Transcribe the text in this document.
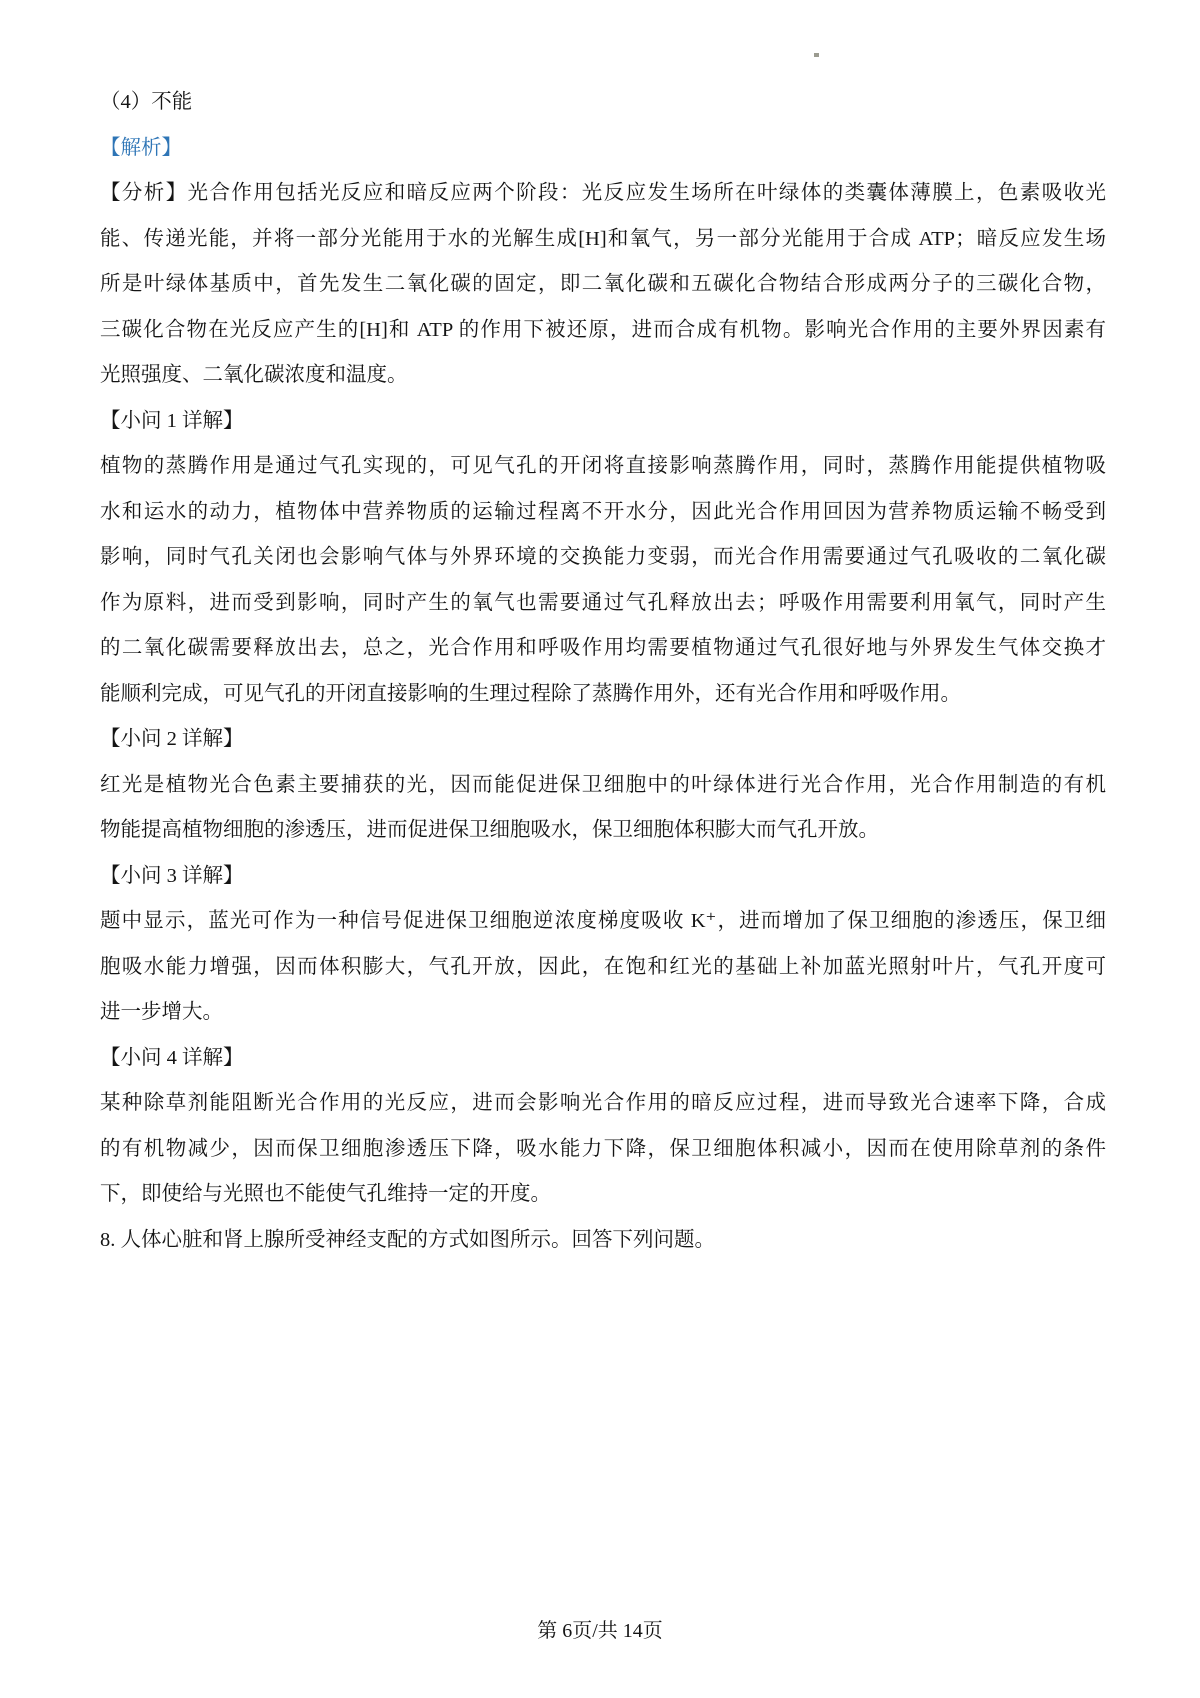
（4）不能

【解析】

【分析】光合作用包括光反应和暗反应两个阶段：光反应发生场所在叶绿体的类囊体薄膜上，色素吸收光

能、传递光能，并将一部分光能用于水的光解生成[H]和氧气，另一部分光能用于合成 ATP；暗反应发生场

所是叶绿体基质中，首先发生二氧化碳的固定，即二氧化碳和五碳化合物结合形成两分子的三碳化合物，

三碳化合物在光反应产生的[H]和 ATP 的作用下被还原，进而合成有机物。影响光合作用的主要外界因素有

光照强度、二氧化碳浓度和温度。

【小问 1 详解】

植物的蒸腾作用是通过气孔实现的，可见气孔的开闭将直接影响蒸腾作用，同时，蒸腾作用能提供植物吸

水和运水的动力，植物体中营养物质的运输过程离不开水分，因此光合作用回因为营养物质运输不畅受到

影响，同时气孔关闭也会影响气体与外界环境的交换能力变弱，而光合作用需要通过气孔吸收的二氧化碳

作为原料，进而受到影响，同时产生的氧气也需要通过气孔释放出去；呼吸作用需要利用氧气，同时产生

的二氧化碳需要释放出去，总之，光合作用和呼吸作用均需要植物通过气孔很好地与外界发生气体交换才

能顺利完成，可见气孔的开闭直接影响的生理过程除了蒸腾作用外，还有光合作用和呼吸作用。

【小问 2 详解】

红光是植物光合色素主要捕获的光，因而能促进保卫细胞中的叶绿体进行光合作用，光合作用制造的有机

物能提高植物细胞的渗透压，进而促进保卫细胞吸水，保卫细胞体积膨大而气孔开放。

【小问 3 详解】

题中显示，蓝光可作为一种信号促进保卫细胞逆浓度梯度吸收 K⁺，进而增加了保卫细胞的渗透压，保卫细

胞吸水能力增强，因而体积膨大，气孔开放，因此，在饱和红光的基础上补加蓝光照射叶片，气孔开度可

进一步增大。

【小问 4 详解】

某种除草剂能阻断光合作用的光反应，进而会影响光合作用的暗反应过程，进而导致光合速率下降，合成

的有机物减少，因而保卫细胞渗透压下降，吸水能力下降，保卫细胞体积减小，因而在使用除草剂的条件

下，即使给与光照也不能使气孔维持一定的开度。

8. 人体心脏和肾上腺所受神经支配的方式如图所示。回答下列问题。

第 6页/共 14页
